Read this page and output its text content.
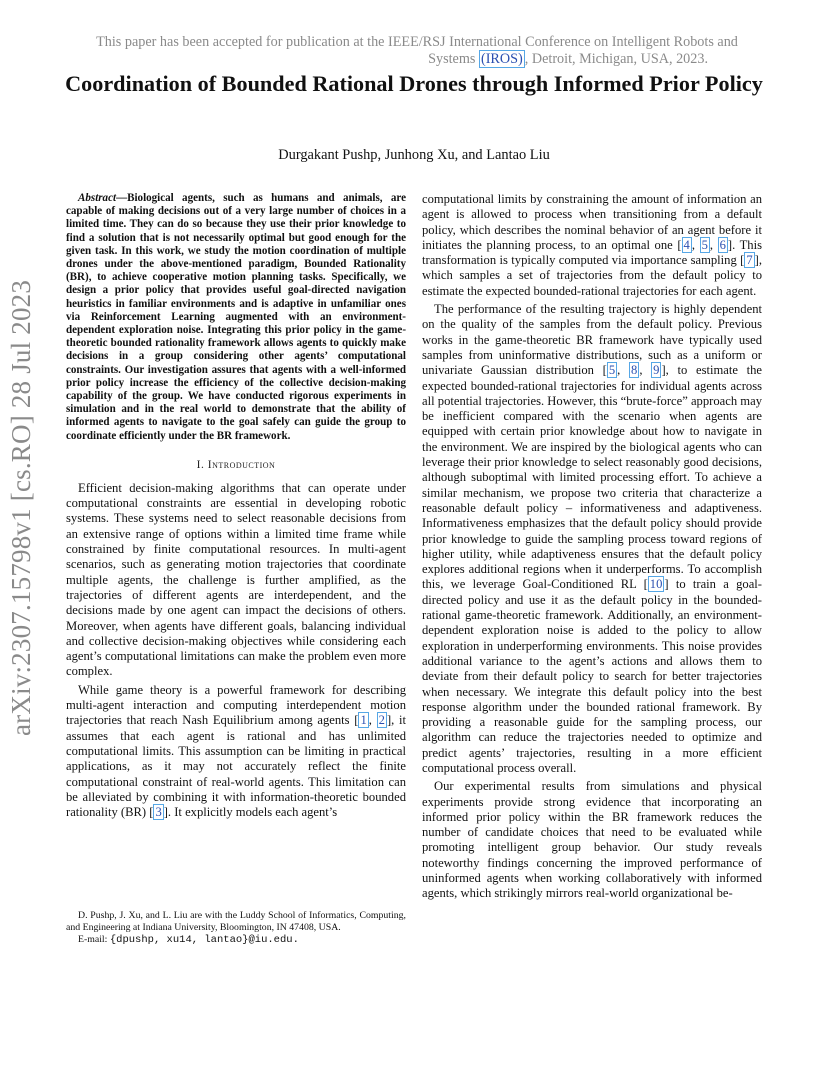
This paper has been accepted for publication at the IEEE/RSJ International Conference on Intelligent Robots and
Systems (IROS) , Detroit, Michigan, USA, 2023.
Coordination of Bounded Rational Drones through Informed Prior Policy
Durgakant Pushp, Junhong Xu, and Lantao Liu
arXiv:2307.15798v1 [cs.RO] 28 Jul 2023

Abstract—Biological agents, such as humans and animals, are capable of making decisions out of a very large number of choices in a limited time. They can do so because they use their prior knowledge to find a solution that is not necessarily optimal but good enough for the given task. In this work, we study the motion coordination of multiple drones under the above-mentioned paradigm, Bounded Rationality (BR), to achieve cooperative motion planning tasks. Specifically, we design a prior policy that provides useful goal-directed navigation heuristics in familiar environments and is adaptive in unfamiliar ones via Reinforcement Learning augmented with an environment-dependent exploration noise. Integrating this prior policy in the game-theoretic bounded rationality framework allows agents to quickly make decisions in a group considering other agents’ computational constraints. Our investigation assures that agents with a well-informed prior policy increase the efficiency of the collective decision-making capability of the group. We have conducted rigorous experiments in simulation and in the real world to demonstrate that the ability of informed agents to navigate to the goal safely can guide the group to coordinate efficiently under the BR framework.

I. Introduction

Efficient decision-making algorithms that can operate under computational constraints are essential in developing robotic systems. These systems need to select reasonable decisions from an extensive range of options within a limited time frame while constrained by finite computational resources. In multi-agent scenarios, such as generating motion trajectories that coordinate multiple agents, the challenge is further amplified, as the trajectories of different agents are interdependent, and the decisions made by one agent can impact the decisions of others. Moreover, when agents have different goals, balancing individual and collective decision-making objectives while considering each agent’s computational limitations can make the problem even more complex.

While game theory is a powerful framework for describing multi-agent interaction and computing interdependent motion trajectories that reach Nash Equilibrium among agents [ 1 , 2 ], it assumes that each agent is rational and has unlimited computational limits. This assumption can be limiting in practical applications, as it may not accurately reflect the finite computational constraint of real-world agents. This limitation can be alleviated by combining it with information-theoretic bounded rationality (BR) [ 3 ]. It explicitly models each agent’s

computational limits by constraining the amount of information an agent is allowed to process when transitioning from a default policy, which describes the nominal behavior of an agent before it initiates the planning process, to an optimal one [ 4 , 5 , 6 ]. This transformation is typically computed via importance sampling [ 7 ], which samples a set of trajectories from the default policy to estimate the expected bounded-rational trajectories for each agent.

The performance of the resulting trajectory is highly dependent on the quality of the samples from the default policy. Previous works in the game-theoretic BR framework have typically used samples from uninformative distributions, such as a uniform or univariate Gaussian distribution [ 5 , 8 , 9 ], to estimate the expected bounded-rational trajectories for individual agents across all potential trajectories. However, this “brute-force” approach may be inefficient compared with the scenario when agents are equipped with certain prior knowledge about how to navigate in the environment. We are inspired by the biological agents who can leverage their prior knowledge to select reasonably good decisions, although suboptimal with limited processing effort. To achieve a similar mechanism, we propose two criteria that characterize a reasonable default policy – informativeness and adaptiveness. Informativeness emphasizes that the default policy should provide prior knowledge to guide the sampling process toward regions of higher utility, while adaptiveness ensures that the default policy explores additional regions when it underperforms. To accomplish this, we leverage Goal-Conditioned RL [ 10 ] to train a goal-directed policy and use it as the default policy in the bounded-rational game-theoretic framework. Additionally, an environment-dependent exploration noise is added to the policy to allow exploration in underperforming environments. This noise provides additional variance to the agent’s actions and allows them to deviate from their default policy to search for better trajectories when necessary. We integrate this default policy into the best response algorithm under the bounded rational framework. By providing a reasonable guide for the sampling process, our algorithm can reduce the trajectories needed to optimize and predict agents’ trajectories, resulting in a more efficient computational process overall.

Our experimental results from simulations and physical experiments provide strong evidence that incorporating an informed prior policy within the BR framework reduces the number of candidate choices that need to be evaluated while promoting intelligent group behavior. Our study reveals noteworthy findings concerning the improved performance of uninformed agents when working collaboratively with informed agents, which strikingly mirrors real-world organizational be-

D. Pushp, J. Xu, and L. Liu are with the Luddy School of Informatics, Computing, and Engineering at Indiana University, Bloomington, IN 47408, USA.
E-mail: {dpushp, xu14, lantao}@iu.edu.
